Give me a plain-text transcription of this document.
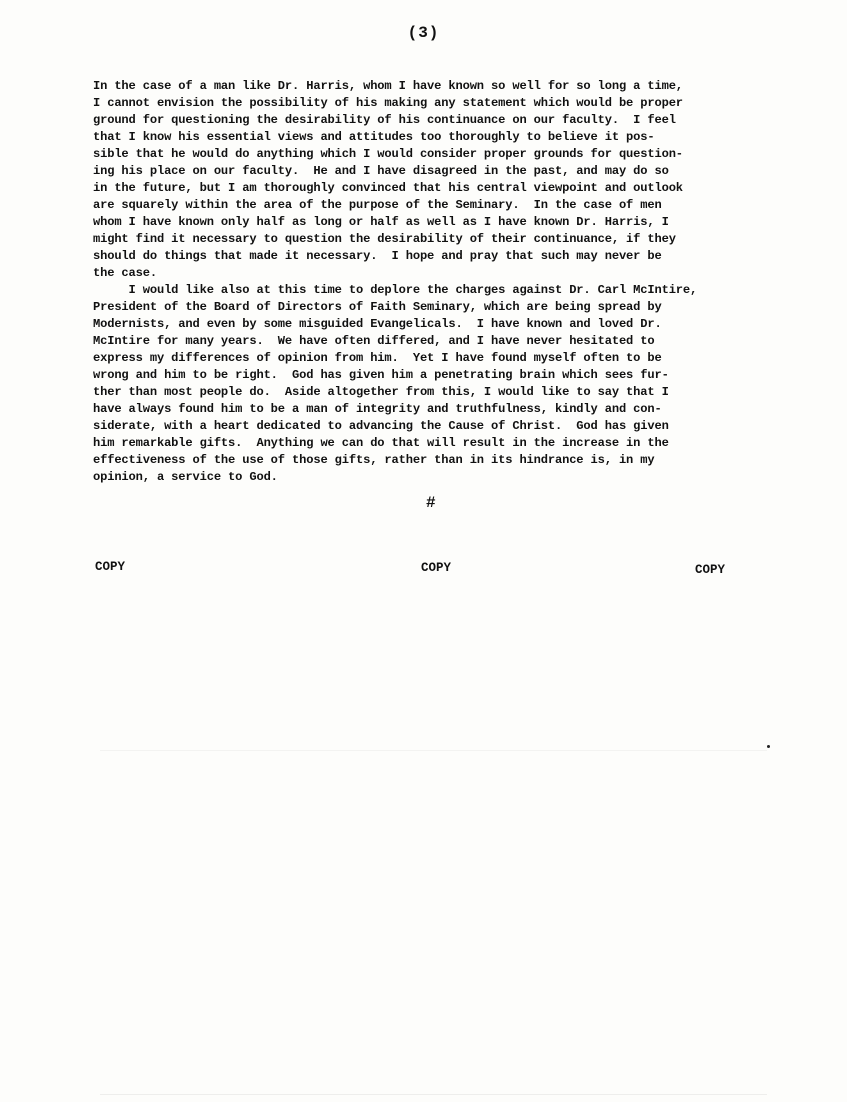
(3)
In the case of a man like Dr. Harris, whom I have known so well for so long a time,
I cannot envision the possibility of his making any statement which would be proper
ground for questioning the desirability of his continuance on our faculty.  I feel
that I know his essential views and attitudes too thoroughly to believe it pos-
sible that he would do anything which I would consider proper grounds for question-
ing his place on our faculty.  He and I have disagreed in the past, and may do so
in the future, but I am thoroughly convinced that his central viewpoint and outlook
are squarely within the area of the purpose of the Seminary.  In the case of men
whom I have known only half as long or half as well as I have known Dr. Harris, I
might find it necessary to question the desirability of their continuance, if they
should do things that made it necessary.  I hope and pray that such may never be
the case.
I would like also at this time to deplore the charges against Dr. Carl McIntire,
President of the Board of Directors of Faith Seminary, which are being spread by
Modernists, and even by some misguided Evangelicals.  I have known and loved Dr.
McIntire for many years.  We have often differed, and I have never hesitated to
express my differences of opinion from him.  Yet I have found myself often to be
wrong and him to be right.  God has given him a penetrating brain which sees fur-
ther than most people do.  Aside altogether from this, I would like to say that I
have always found him to be a man of integrity and truthfulness, kindly and con-
siderate, with a heart dedicated to advancing the Cause of Christ.  God has given
him remarkable gifts.  Anything we can do that will result in the increase in the
effectiveness of the use of those gifts, rather than in its hindrance is, in my
opinion, a service to God.
#
COPY	COPY	COPY
